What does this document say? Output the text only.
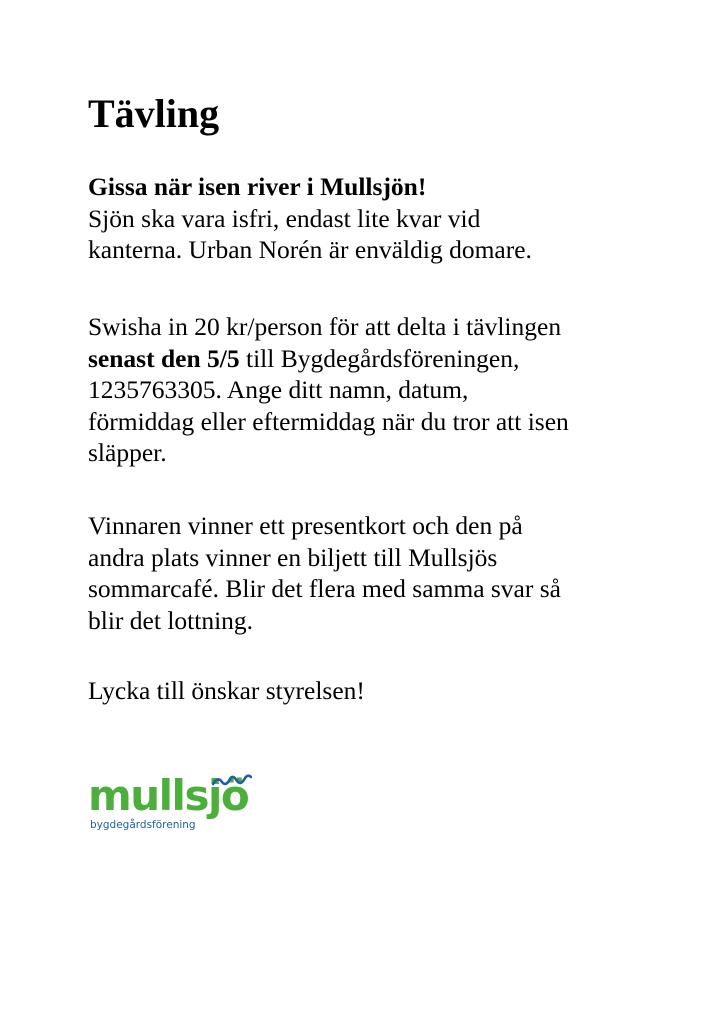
Tävling

Gissa när isen river i Mullsjön!
Sjön ska vara isfri, endast lite kvar vid
kanterna. Urban Norén är enväldig domare.

Swisha in 20 kr/person för att delta i tävlingen
senast den 5/5 till Bygdegårdsföreningen,
1235763305. Ange ditt namn, datum,
förmiddag eller eftermiddag när du tror att isen
släpper.

Vinnaren vinner ett presentkort och den på
andra plats vinner en biljett till Mullsjös
sommarcafé. Blir det flera med samma svar så
blir det lottning.

Lycka till önskar styrelsen!

mullsjö
bygdegårdsförening
